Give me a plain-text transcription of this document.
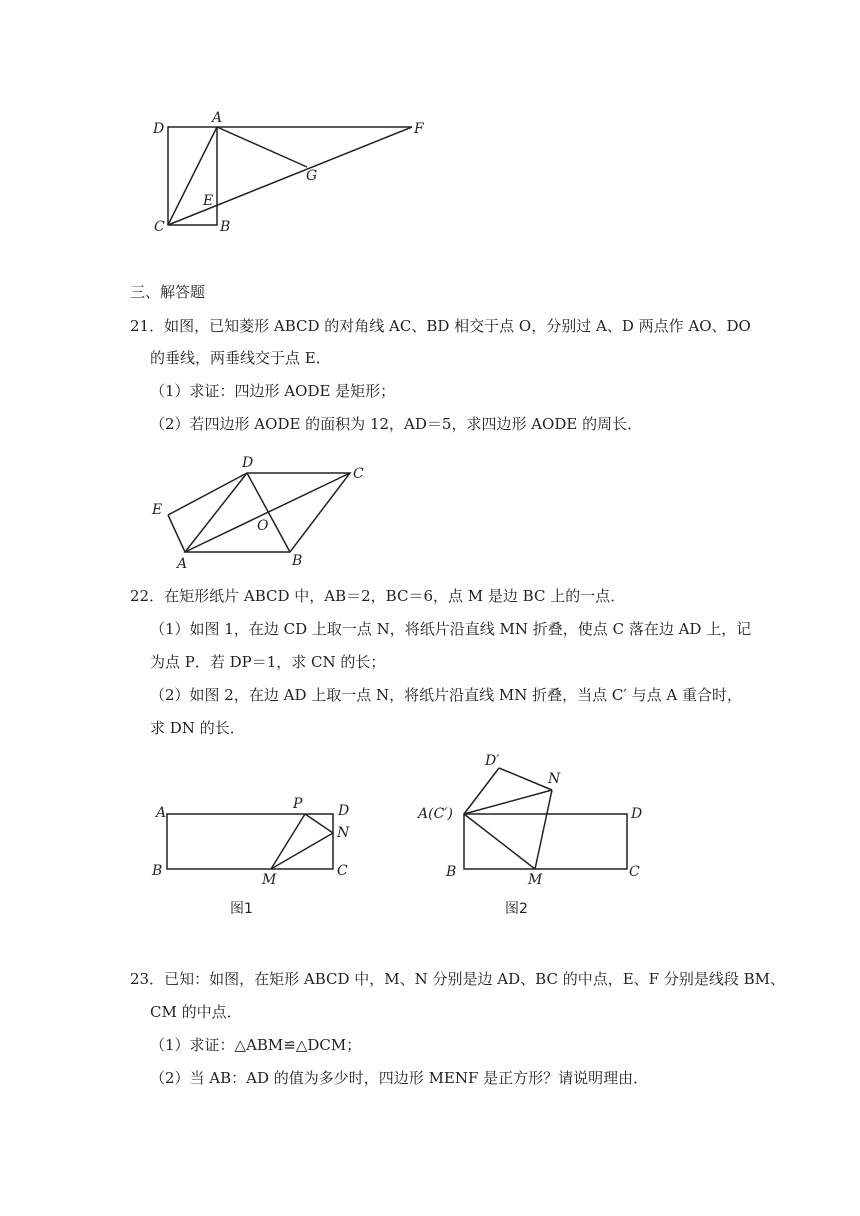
D
A
F
G
E
C	B
三、解答题
21．如图，已知菱形 ABCD 的对角线 AC、BD 相交于点 O，分别过 A、D 两点作 AO、DO
的垂线，两垂线交于点 E．
（1）求证：四边形 AODE 是矩形；
（2）若四边形 AODE 的面积为 12，AD＝5，求四边形 AODE 的周长．
D
C
E
O
A	B
22．在矩形纸片 ABCD 中，AB＝2，BC＝6，点 M 是边 BC 上的一点．
（1）如图 1，在边 CD 上取一点 N，将纸片沿直线 MN 折叠，使点 C 落在边 AD 上，记
为点 P．若 DP＝1，求 CN 的长；
（2）如图 2，在边 AD 上取一点 N，将纸片沿直线 MN 折叠，当点 C′ 与点 A 重合时，
求 DN 的长．
A
P	D
N
B
M
C
图1
D′
N
A(C′)	D
B	M	C
图2
23．已知：如图，在矩形 ABCD 中，M、N 分别是边 AD、BC 的中点，E、F 分别是线段 BM、
CM 的中点．
（1）求证：△ABM≌△DCM；
（2）当 AB：AD 的值为多少时，四边形 MENF 是正方形？请说明理由．
